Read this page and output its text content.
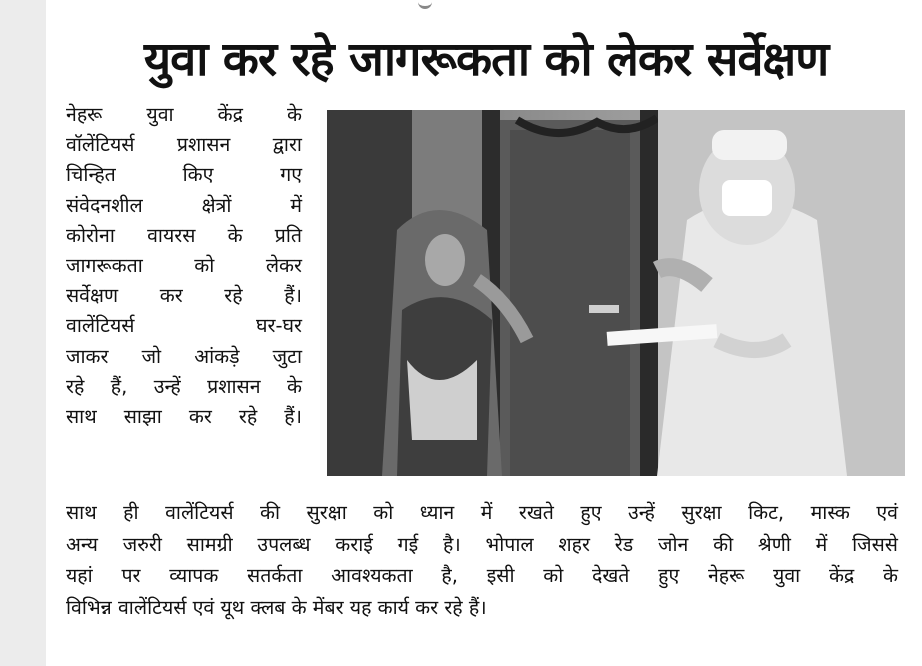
युवा कर रहे जागरूकता को लेकर सर्वेक्षण
नेहरू युवा केंद्र के
वॉलेंटियर्स प्रशासन द्वारा
चिन्हित किए गए
संवेदनशील क्षेत्रों में
कोरोना वायरस के प्रति
जागरूकता को लेकर
सर्वेक्षण कर रहे हैं।
वालेंटियर्स घर-घर
जाकर जो आंकड़े जुटा
रहे हैं, उन्हें प्रशासन के
साथ साझा कर रहे हैं।
साथ ही वालेंटियर्स की सुरक्षा को ध्यान में रखते हुए उन्हें सुरक्षा किट, मास्क एवं
अन्य जरुरी सामग्री उपलब्ध कराई गई है। भोपाल शहर रेड जोन की श्रेणी में जिससे
यहां पर व्यापक सतर्कता आवश्यकता है, इसी को देखते हुए नेहरू युवा केंद्र के
विभिन्न वालेंटियर्स एवं यूथ क्लब के मेंबर यह कार्य कर रहे हैं।
